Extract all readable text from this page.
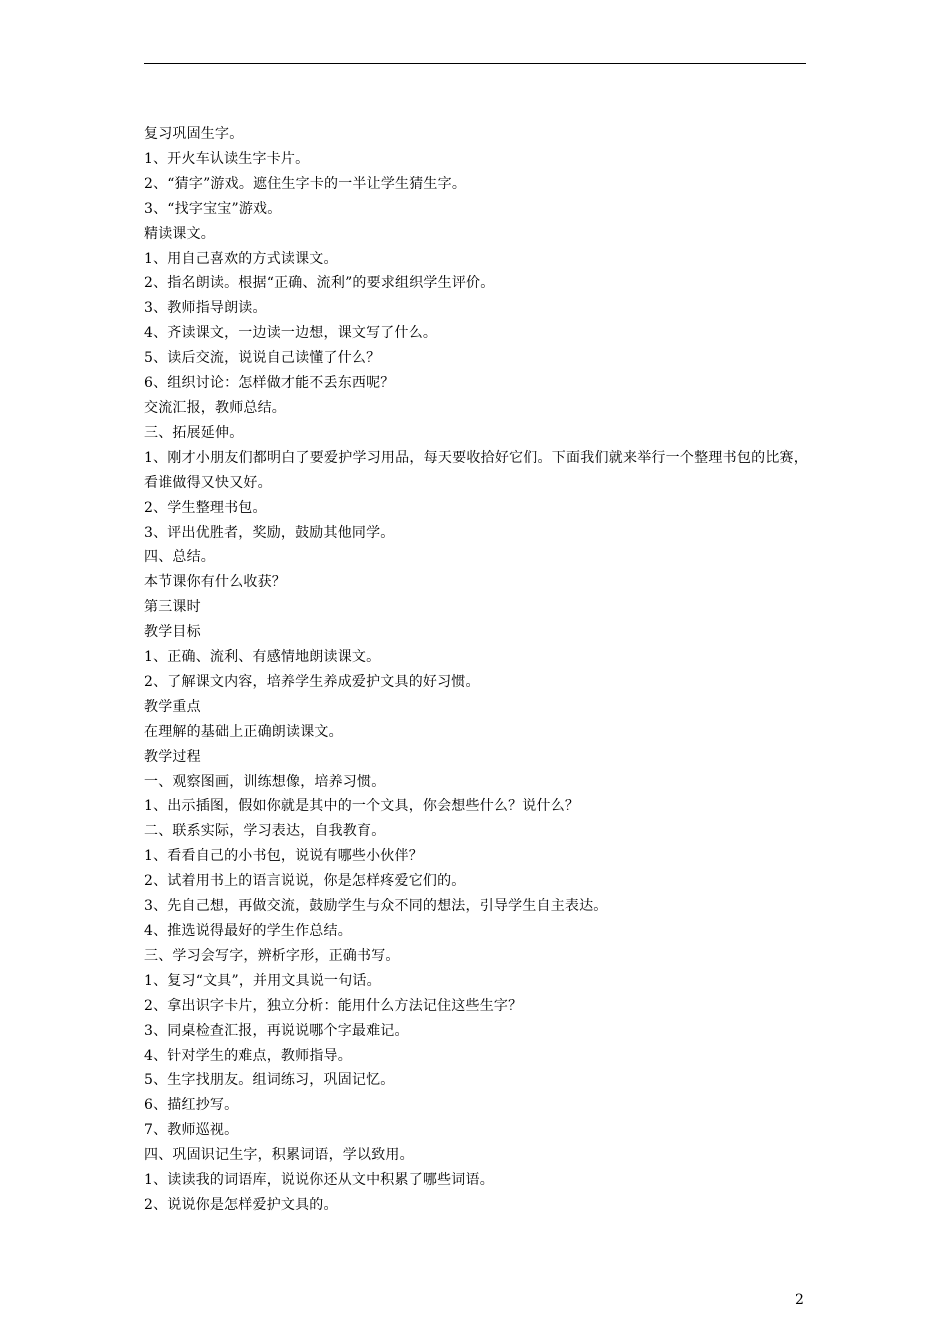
复习巩固生字。

1、开火车认读生字卡片。

2、“猜字”游戏。遮住生字卡的一半让学生猜生字。

3、“找字宝宝”游戏。

精读课文。

1、用自己喜欢的方式读课文。

2、指名朗读。根据“正确、流利”的要求组织学生评价。

3、教师指导朗读。

4、齐读课文，一边读一边想，课文写了什么。

5、读后交流，说说自己读懂了什么？

6、组织讨论：怎样做才能不丢东西呢？

交流汇报，教师总结。

三、拓展延伸。

1、刚才小朋友们都明白了要爱护学习用品，每天要收拾好它们。下面我们就来举行一个整理书包的比赛，看谁做得又快又好。

2、学生整理书包。

3、评出优胜者，奖励，鼓励其他同学。

四、总结。

本节课你有什么收获？

第三课时

教学目标

1、正确、流利、有感情地朗读课文。

2、了解课文内容，培养学生养成爱护文具的好习惯。

教学重点

在理解的基础上正确朗读课文。

教学过程

一、观察图画，训练想像，培养习惯。

1、出示插图，假如你就是其中的一个文具，你会想些什么？说什么？

二、联系实际，学习表达，自我教育。

1、看看自己的小书包，说说有哪些小伙伴？

2、试着用书上的语言说说，你是怎样疼爱它们的。

3、先自己想，再做交流，鼓励学生与众不同的想法，引导学生自主表达。

4、推选说得最好的学生作总结。

三、学习会写字，辨析字形，正确书写。

1、复习“文具”，并用文具说一句话。

2、拿出识字卡片，独立分析：能用什么方法记住这些生字？

3、同桌检查汇报，再说说哪个字最难记。

4、针对学生的难点，教师指导。

5、生字找朋友。组词练习，巩固记忆。

6、描红抄写。

7、教师巡视。

四、巩固识记生字，积累词语，学以致用。

1、读读我的词语库，说说你还从文中积累了哪些词语。

2、说说你是怎样爱护文具的。

2
